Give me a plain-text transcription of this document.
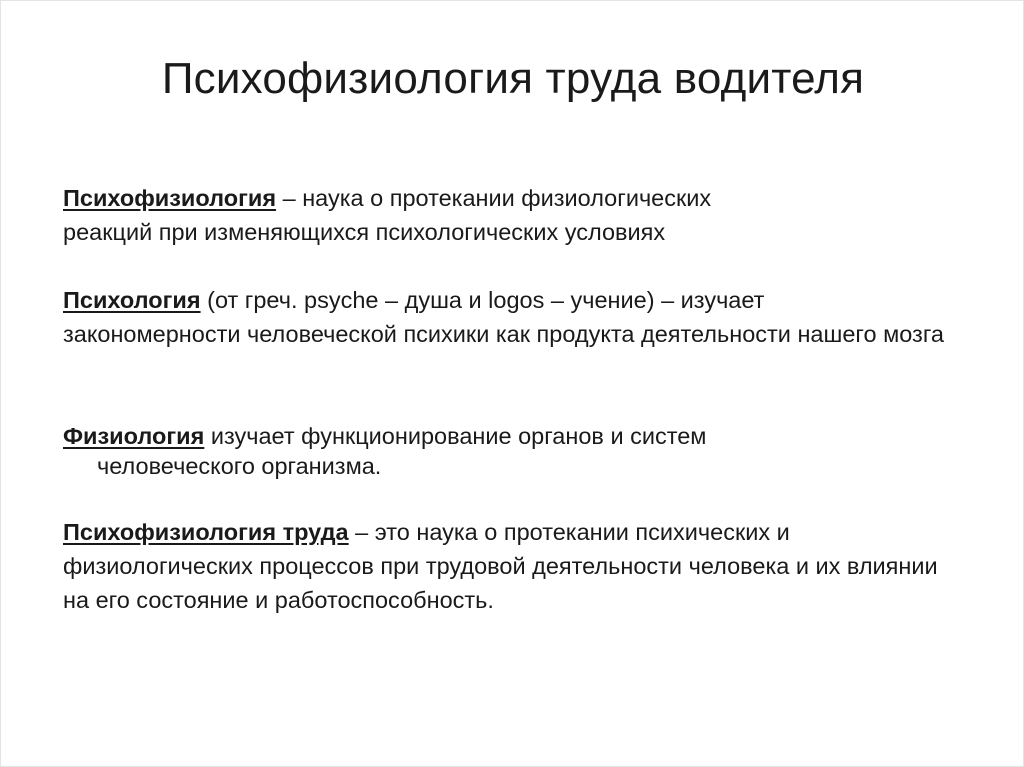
Психофизиология труда водителя

Психофизиология – наука о протекании физиологических
реакций при изменяющихся психологических условиях

Психология (от греч. psyche – душа и logos – учение) – изучает

закономерности человеческой психики как продукта деятельности нашего мозга

Физиология изучает функционирование органов и систем
человеческого организма.

Психофизиология труда – это наука о протекании психических и

физиологических процессов при трудовой деятельности человека и их влиянии на его состояние и работоспособность.
